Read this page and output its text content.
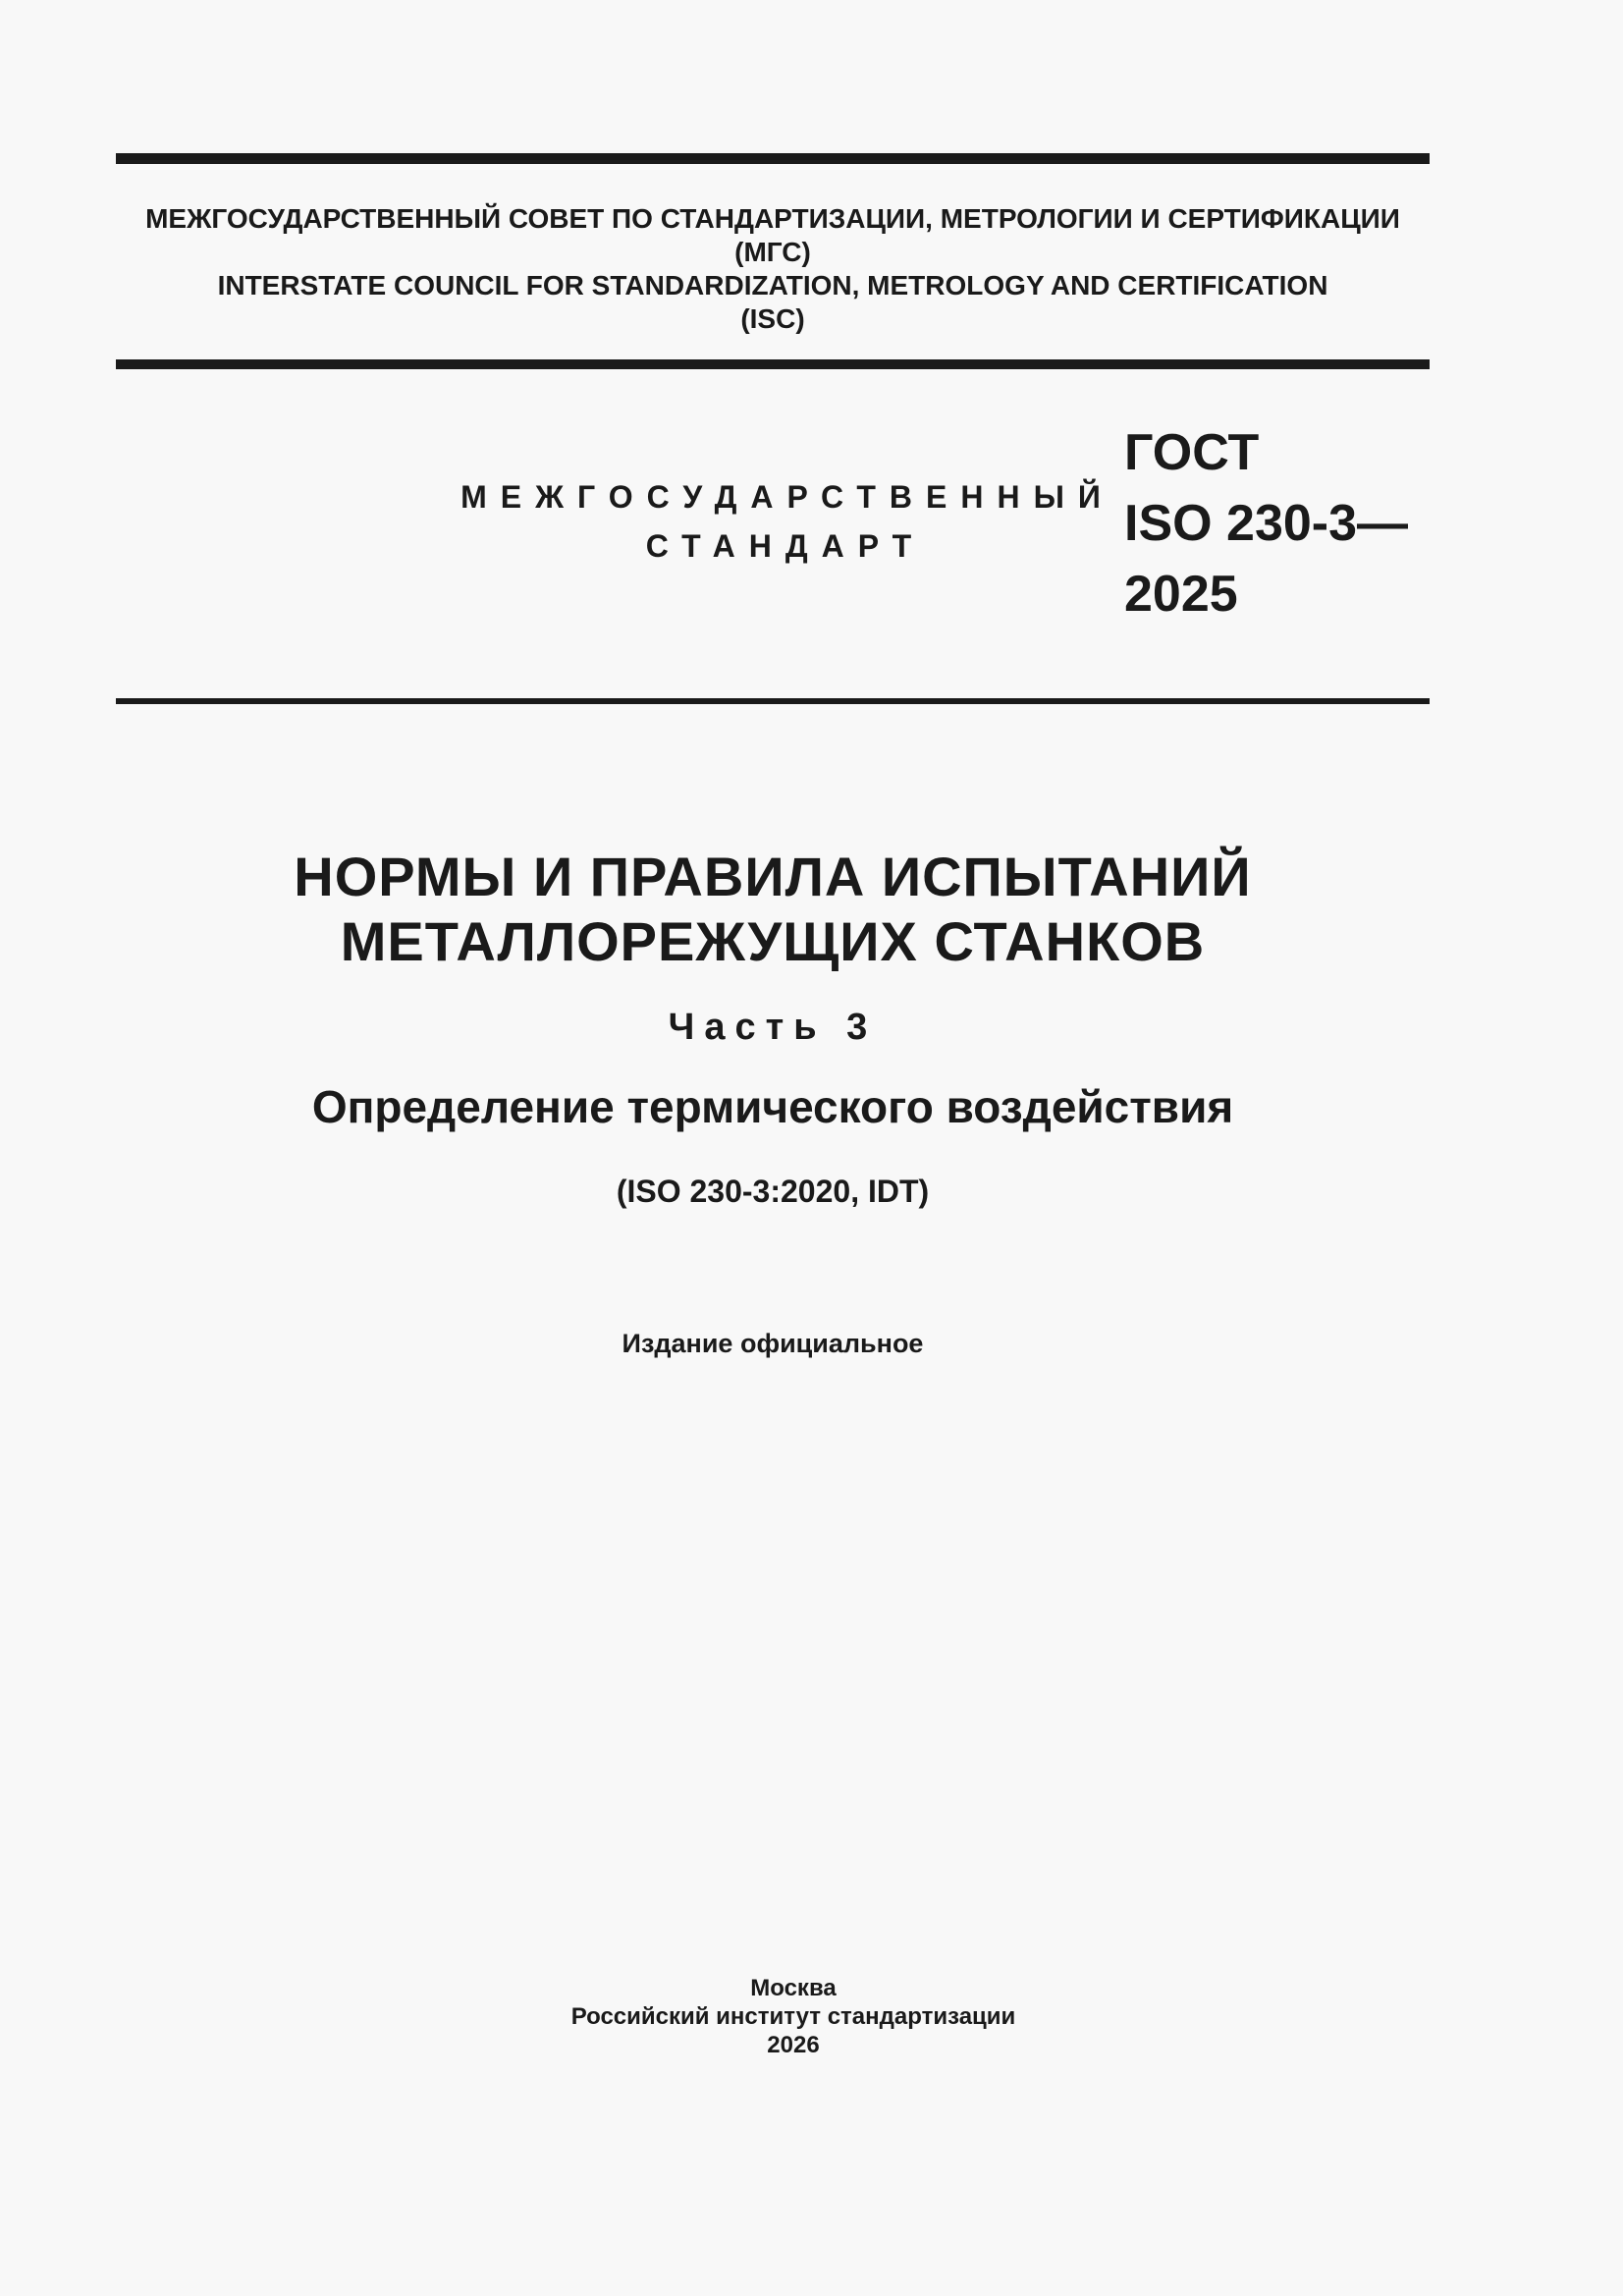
МЕЖГОСУДАРСТВЕННЫЙ СОВЕТ ПО СТАНДАРТИЗАЦИИ, МЕТРОЛОГИИ И СЕРТИФИКАЦИИ
(МГС)
INTERSTATE COUNCIL FOR STANDARDIZATION, METROLOGY AND CERTIFICATION
(ISC)
МЕЖГОСУДАРСТВЕННЫЙ
СТАНДАРТ
ГОСТ
ISO 230-3—
2025
НОРМЫ И ПРАВИЛА ИСПЫТАНИЙ
МЕТАЛЛОРЕЖУЩИХ СТАНКОВ
Часть 3
Определение термического воздействия
(ISO 230-3:2020, IDT)
Издание официальное
Москва
Российский институт стандартизации
2026
